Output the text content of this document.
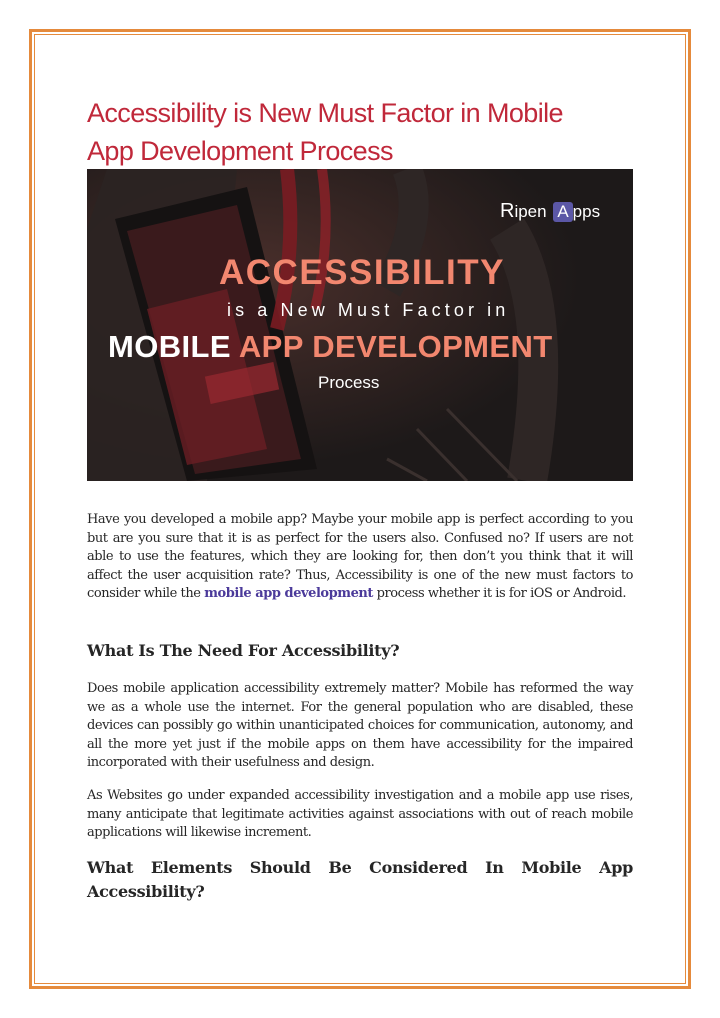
Accessibility is New Must Factor in Mobile
App Development Process
Ripen A pps
ACCESSIBILITY
is a New Must Factor in
MOBILE APP DEVELOPMENT
Process

Have you developed a mobile app? Maybe your mobile app is perfect according to you but are you sure that it is as perfect for the users also. Confused no? If users are not able to use the features, which they are looking for, then don’t you think that it will affect the user acquisition rate? Thus, Accessibility is one of the new must factors to consider while the mobile app development process whether it is for iOS or Android.

What Is The Need For Accessibility?

Does mobile application accessibility extremely matter? Mobile has reformed the way we as a whole use the internet. For the general population who are disabled, these devices can possibly go within unanticipated choices for communication, autonomy, and all the more yet just if the mobile apps on them have accessibility for the impaired incorporated with their usefulness and design.

As Websites go under expanded accessibility investigation and a mobile app use rises, many anticipate that legitimate activities against associations with out of reach mobile applications will likewise increment.

What Elements Should Be Considered In Mobile App Accessibility?
